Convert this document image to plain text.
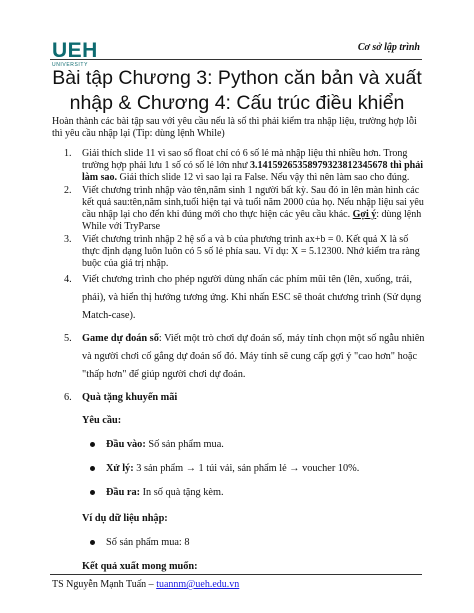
UEH
UNIVERSITY
Cơ sở lập trình
Bài tập Chương 3: Python căn bản và xuất
nhập & Chương 4: Cấu trúc điều khiển
Hoàn thành các bài tập sau với yêu cầu nếu là số thì phải kiểm tra nhập liệu, trường hợp lỗi thì yêu cầu nhập lại (Tip: dùng lệnh While)
1. Giải thích slide 11 vì sao số float chỉ có 6 số lẻ mà nhập liệu thì nhiều hơn. Trong trường hợp phải lưu 1 số có số lẻ lớn như 3.14159265358979323812345678 thì phải làm sao. Giải thích slide 12 vì sao lại ra False. Nếu vậy thì nên làm sao cho đúng.
2. Viết chương trình nhập vào tên,năm sinh 1 người bất kỳ. Sau đó in lên màn hình các kết quả sau:tên,năm sinh,tuổi hiện tại và tuổi năm 2000 của họ. Nếu nhập liệu sai yêu cầu nhập lại cho đến khi đúng mới cho thực hiện các yêu cầu khác. Gợi ý: dùng lệnh While với TryParse
3. Viết chương trình nhập 2 hệ số a và b của phương trình ax+b = 0. Kết quả X là số thực định dạng luôn luôn có 5 số lẻ phía sau. Ví dụ: X = 5.12300. Nhớ kiểm tra ràng buộc của giá trị nhập.
4. Viết chương trình cho phép người dùng nhấn các phím mũi tên (lên, xuống, trái, phải), và hiển thị hướng tương ứng. Khi nhấn ESC sẽ thoát chương trình (Sử dụng Match-case).
5. Game dự đoán số: Viết một trò chơi dự đoán số, máy tính chọn một số ngẫu nhiên và người chơi cố gắng dự đoán số đó. Máy tính sẽ cung cấp gợi ý "cao hơn" hoặc "thấp hơn" để giúp người chơi dự đoán.
6. Quà tặng khuyến mãi
Yêu cầu:
Đầu vào: Số sản phẩm mua.
Xử lý: 3 sản phẩm → 1 túi vải, sản phẩm lẻ → voucher 10%.
Đầu ra: In số quà tặng kèm.
Ví dụ dữ liệu nhập:
Số sản phẩm mua: 8
Kết quả xuất mong muốn:
TS Nguyễn Mạnh Tuấn – tuannm@ueh.edu.vn
